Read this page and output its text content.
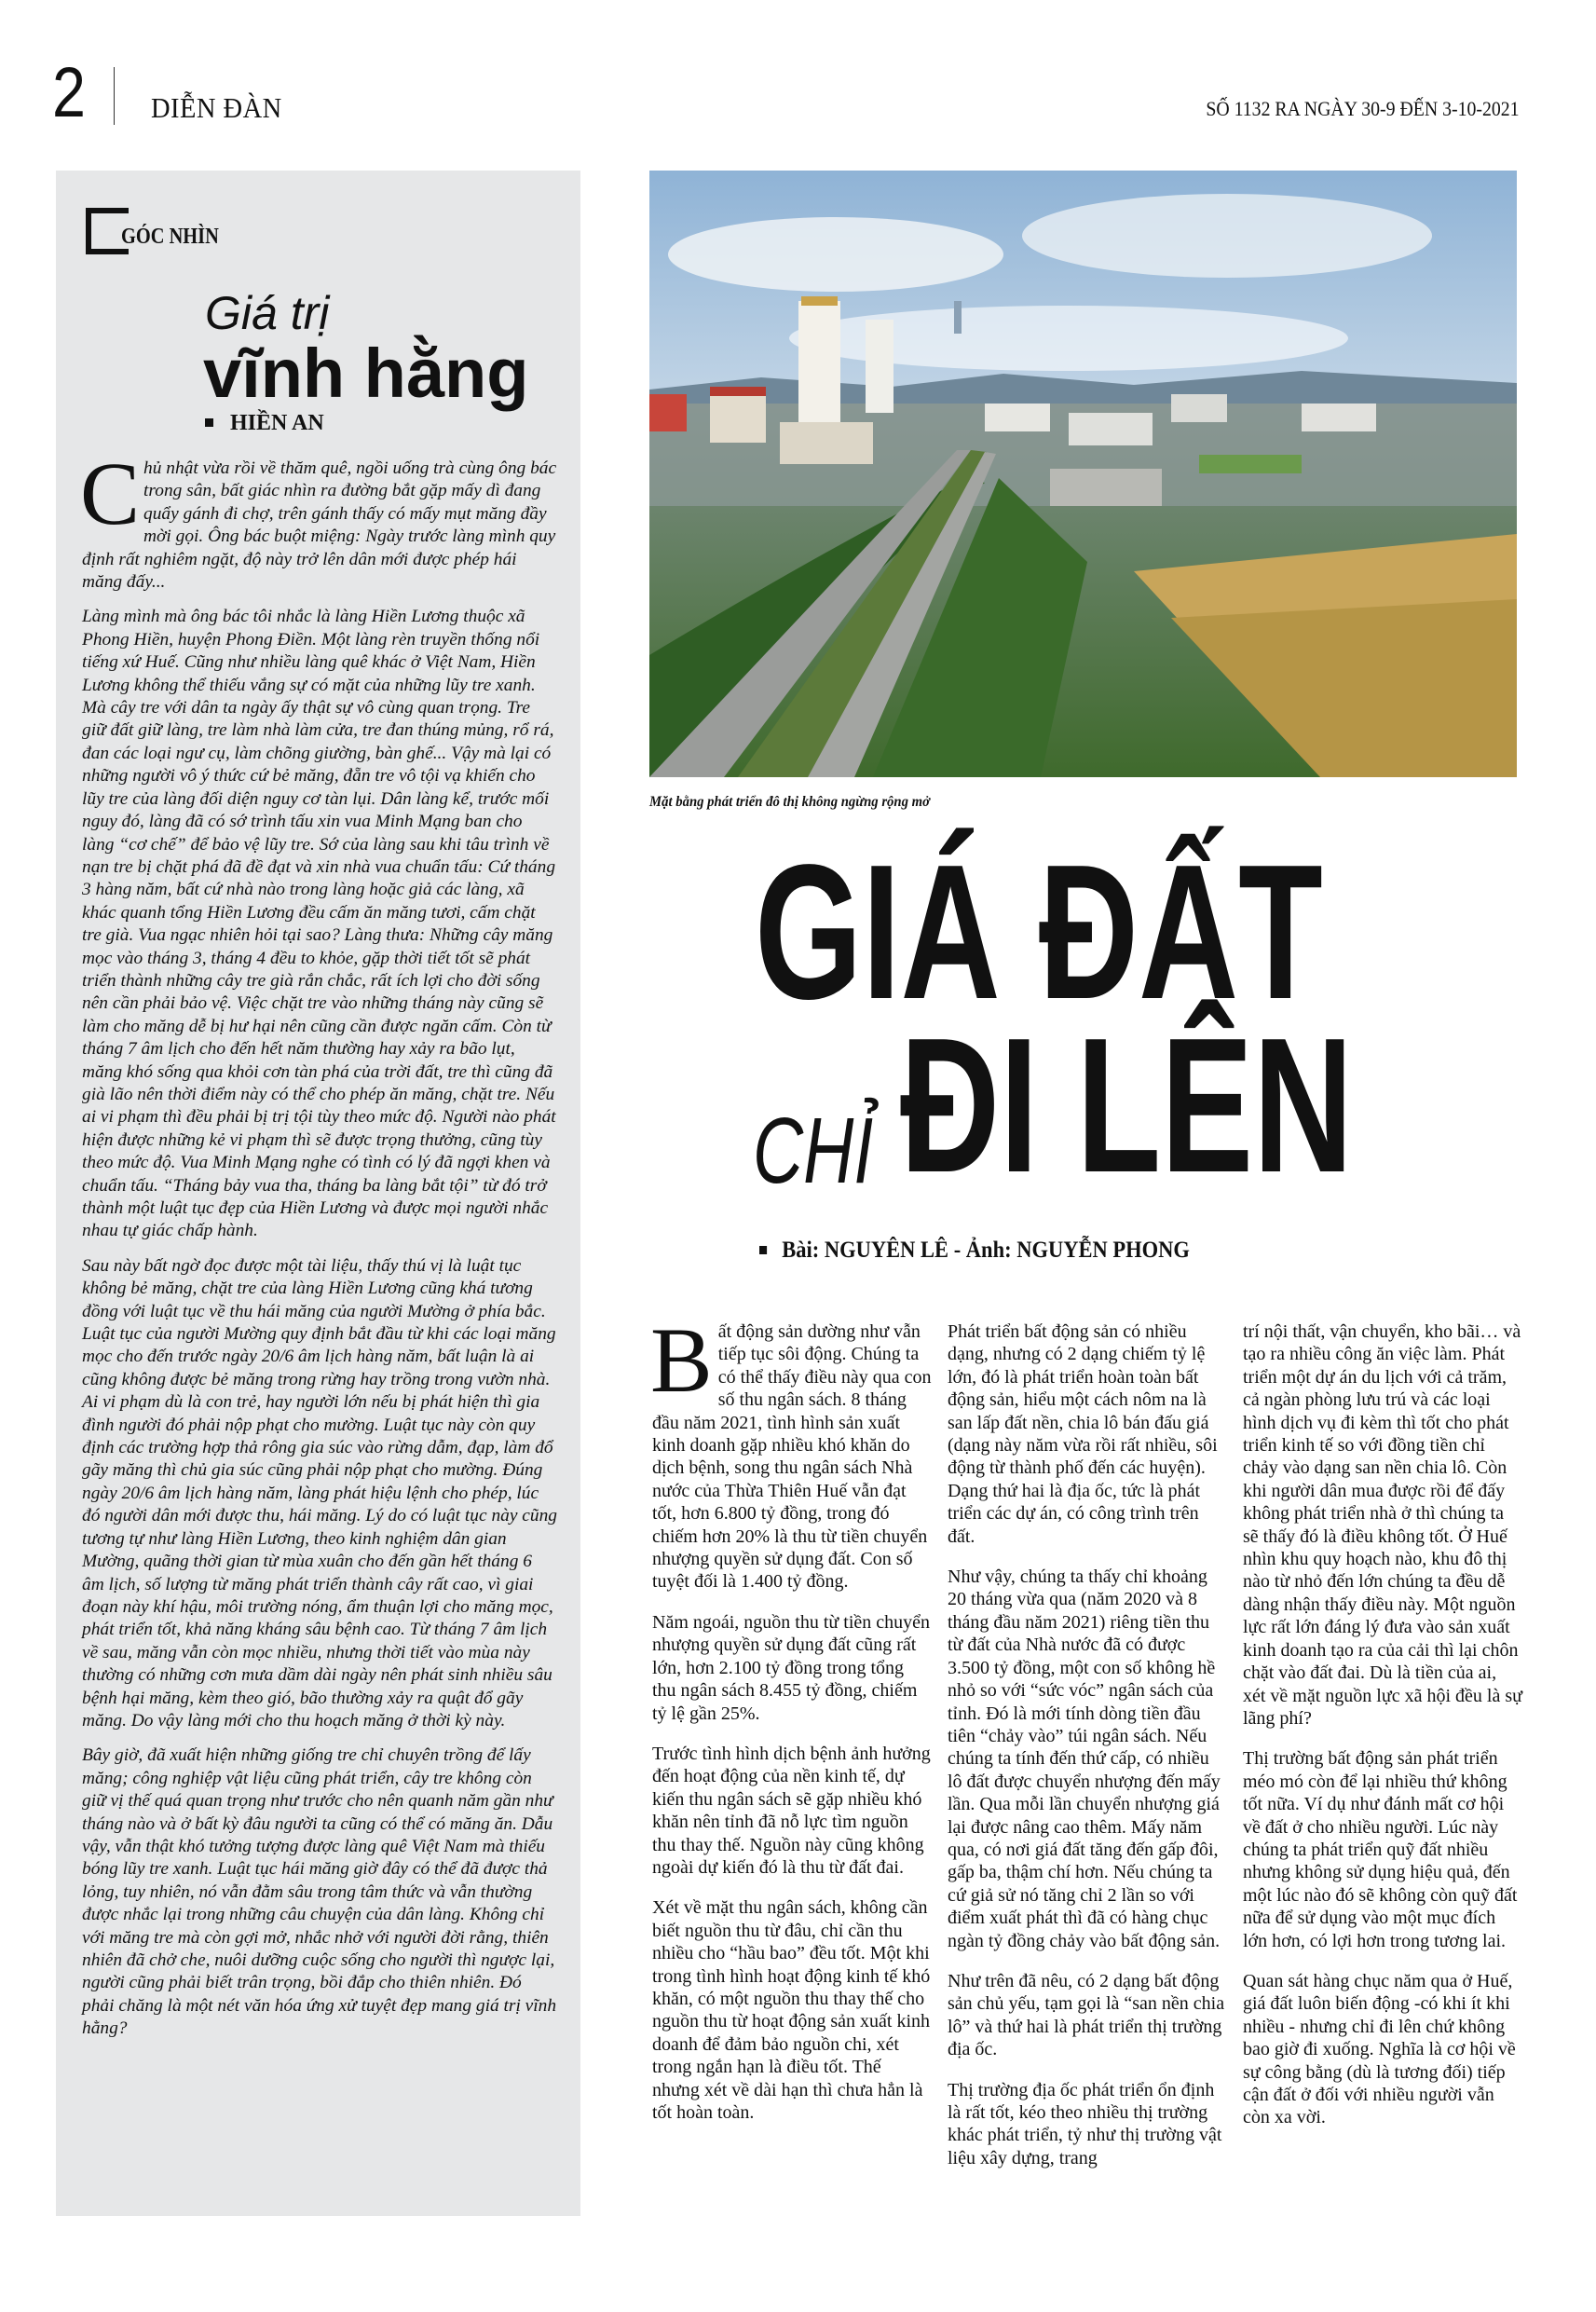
2 DIỄN ĐÀN	SỐ 1132 RA NGÀY 30-9 ĐẾN 3-10-2021
GÓC NHÌN
Giá trị
vĩnh hằng
HIỀN AN

Chủ nhật vừa rồi về thăm quê, ngồi uống trà cùng ông bác trong sân, bất giác nhìn ra đường bắt gặp mấy dì đang quẩy gánh đi chợ, trên gánh thấy có mấy mụt măng đầy mời gọi. Ông bác buột miệng: Ngày trước làng mình quy định rất nghiêm ngặt, độ này trở lên dân mới được phép hái măng đấy...

Làng mình mà ông bác tôi nhắc là làng Hiền Lương thuộc xã Phong Hiền, huyện Phong Điền. Một làng rèn truyền thống nổi tiếng xứ Huế. Cũng như nhiều làng quê khác ở Việt Nam, Hiền Lương không thể thiếu vắng sự có mặt của những lũy tre xanh. Mà cây tre với dân ta ngày ấy thật sự vô cùng quan trọng. Tre giữ đất giữ làng, tre làm nhà làm cửa, tre đan thúng mủng, rổ rá, đan các loại ngư cụ, làm chõng giường, bàn ghế... Vậy mà lại có những người vô ý thức cứ bẻ măng, đẵn tre vô tội vạ khiến cho lũy tre của làng đối diện nguy cơ tàn lụi. Dân làng kể, trước mối nguy đó, làng đã có sớ trình tấu xin vua Minh Mạng ban cho làng “cơ chế” để bảo vệ lũy tre. Sớ của làng sau khi tâu trình về nạn tre bị chặt phá đã đề đạt và xin nhà vua chuẩn tấu: Cứ tháng 3 hàng năm, bất cứ nhà nào trong làng hoặc giả các làng, xã khác quanh tổng Hiền Lương đều cấm ăn măng tươi, cấm chặt tre già. Vua ngạc nhiên hỏi tại sao? Làng thưa: Những cây măng mọc vào tháng 3, tháng 4 đều to khỏe, gặp thời tiết tốt sẽ phát triển thành những cây tre già rắn chắc, rất ích lợi cho đời sống nên cần phải bảo vệ. Việc chặt tre vào những tháng này cũng sẽ làm cho măng dễ bị hư hại nên cũng cần được ngăn cấm. Còn từ tháng 7 âm lịch cho đến hết năm thường hay xảy ra bão lụt, măng khó sống qua khỏi cơn tàn phá của trời đất, tre thì cũng đã già lão nên thời điểm này có thể cho phép ăn măng, chặt tre. Nếu ai vi phạm thì đều phải bị trị tội tùy theo mức độ. Người nào phát hiện được những kẻ vi phạm thì sẽ được trọng thưởng, cũng tùy theo mức độ. Vua Minh Mạng nghe có tình có lý đã ngợi khen và chuẩn tấu. “Tháng bảy vua tha, tháng ba làng bắt tội” từ đó trở thành một luật tục đẹp của Hiền Lương và được mọi người nhắc nhau tự giác chấp hành.

Sau này bất ngờ đọc được một tài liệu, thấy thú vị là luật tục không bẻ măng, chặt tre của làng Hiền Lương cũng khá tương đồng với luật tục về thu hái măng của người Mường ở phía bắc. Luật tục của người Mường quy định bắt đầu từ khi các loại măng mọc cho đến trước ngày 20/6 âm lịch hàng năm, bất luận là ai cũng không được bẻ măng trong rừng hay trồng trong vườn nhà. Ai vi phạm dù là con trẻ, hay người lớn nếu bị phát hiện thì gia đình người đó phải nộp phạt cho mường. Luật tục này còn quy định các trường hợp thả rông gia súc vào rừng dẫm, đạp, làm đổ gãy măng thì chủ gia súc cũng phải nộp phạt cho mường. Đúng ngày 20/6 âm lịch hàng năm, làng phát hiệu lệnh cho phép, lúc đó người dân mới được thu, hái măng. Lý do có luật tục này cũng tương tự như làng Hiền Lương, theo kinh nghiệm dân gian Mường, quãng thời gian từ mùa xuân cho đến gần hết tháng 6 âm lịch, số lượng từ măng phát triển thành cây rất cao, vì giai đoạn này khí hậu, môi trường nóng, ẩm thuận lợi cho măng mọc, phát triển tốt, khả năng kháng sâu bệnh cao. Từ tháng 7 âm lịch về sau, măng vẫn còn mọc nhiều, nhưng thời tiết vào mùa này thường có những cơn mưa dầm dài ngày nên phát sinh nhiều sâu bệnh hại măng, kèm theo gió, bão thường xảy ra quật đổ gãy măng. Do vậy làng mới cho thu hoạch măng ở thời kỳ này.

Bây giờ, đã xuất hiện những giống tre chỉ chuyên trồng để lấy măng; công nghiệp vật liệu cũng phát triển, cây tre không còn giữ vị thế quá quan trọng như trước cho nên quanh năm gần như tháng nào và ở bất kỳ đâu người ta cũng có thể có măng ăn. Dẫu vậy, vẫn thật khó tưởng tượng được làng quê Việt Nam mà thiếu bóng lũy tre xanh. Luật tục hái măng giờ đây có thể đã được thả lỏng, tuy nhiên, nó vẫn đằm sâu trong tâm thức và vẫn thường được nhắc lại trong những câu chuyện của dân làng. Không chỉ với măng tre mà còn gợi mở, nhắc nhở với người đời rằng, thiên nhiên đã chở che, nuôi dưỡng cuộc sống cho người thì ngược lại, người cũng phải biết trân trọng, bồi đắp cho thiên nhiên. Đó phải chăng là một nét văn hóa ứng xử tuyệt đẹp mang giá trị vĩnh hằng?

Mặt bằng phát triển đô thị không ngừng rộng mở
GIÁ ĐẤT
CHỈ ĐI LÊN
Bài: NGUYÊN LÊ - Ảnh: NGUYỄN PHONG

Bất động sản dường như vẫn tiếp tục sôi động. Chúng ta có thể thấy điều này qua con số thu ngân sách. 8 tháng đầu năm 2021, tình hình sản xuất kinh doanh gặp nhiều khó khăn do dịch bệnh, song thu ngân sách Nhà nước của Thừa Thiên Huế vẫn đạt tốt, hơn 6.800 tỷ đồng, trong đó chiếm hơn 20% là thu từ tiền chuyển nhượng quyền sử dụng đất. Con số tuyệt đối là 1.400 tỷ đồng.

Năm ngoái, nguồn thu từ tiền chuyển nhượng quyền sử dụng đất cũng rất lớn, hơn 2.100 tỷ đồng trong tổng thu ngân sách 8.455 tỷ đồng, chiếm tỷ lệ gần 25%.

Trước tình hình dịch bệnh ảnh hưởng đến hoạt động của nền kinh tế, dự kiến thu ngân sách sẽ gặp nhiều khó khăn nên tỉnh đã nỗ lực tìm nguồn thu thay thế. Nguồn này cũng không ngoài dự kiến đó là thu từ đất đai.

Xét về mặt thu ngân sách, không cần biết nguồn thu từ đâu, chỉ cần thu nhiều cho “hầu bao” đều tốt. Một khi trong tình hình hoạt động kinh tế khó khăn, có một nguồn thu thay thế cho nguồn thu từ hoạt động sản xuất kinh doanh để đảm bảo nguồn chi, xét trong ngắn hạn là điều tốt. Thế nhưng xét về dài hạn thì chưa hẳn là tốt hoàn toàn.

Phát triển bất động sản có nhiều dạng, nhưng có 2 dạng chiếm tỷ lệ lớn, đó là phát triển hoàn toàn bất động sản, hiểu một cách nôm na là san lấp đất nền, chia lô bán đấu giá (dạng này năm vừa rồi rất nhiều, sôi động từ thành phố đến các huyện). Dạng thứ hai là địa ốc, tức là phát triển các dự án, có công trình trên đất.

Như vậy, chúng ta thấy chỉ khoảng 20 tháng vừa qua (năm 2020 và 8 tháng đầu năm 2021) riêng tiền thu từ đất của Nhà nước đã có được 3.500 tỷ đồng, một con số không hề nhỏ so với “sức vóc” ngân sách của tỉnh. Đó là mới tính dòng tiền đầu tiên “chảy vào” túi ngân sách. Nếu chúng ta tính đến thứ cấp, có nhiều lô đất được chuyển nhượng đến mấy lần. Qua mỗi lần chuyển nhượng giá lại được nâng cao thêm. Mấy năm qua, có nơi giá đất tăng đến gấp đôi, gấp ba, thậm chí hơn. Nếu chúng ta cứ giả sử nó tăng chỉ 2 lần so với điểm xuất phát thì đã có hàng chục ngàn tỷ đồng chảy vào bất động sản.

Như trên đã nêu, có 2 dạng bất động sản chủ yếu, tạm gọi là “san nền chia lô” và thứ hai là phát triển thị trường địa ốc.

Thị trường địa ốc phát triển ổn định là rất tốt, kéo theo nhiều thị trường khác phát triển, tỷ như thị trường vật liệu xây dựng, trang

trí nội thất, vận chuyển, kho bãi… và tạo ra nhiều công ăn việc làm. Phát triển một dự án du lịch với cả trăm, cả ngàn phòng lưu trú và các loại hình dịch vụ đi kèm thì tốt cho phát triển kinh tế so với đồng tiền chỉ chảy vào dạng san nền chia lô. Còn khi người dân mua được rồi để đấy không phát triển nhà ở thì chúng ta sẽ thấy đó là điều không tốt. Ở Huế nhìn khu quy hoạch nào, khu đô thị nào từ nhỏ đến lớn chúng ta đều dễ dàng nhận thấy điều này. Một nguồn lực rất lớn đáng lý đưa vào sản xuất kinh doanh tạo ra của cải thì lại chôn chặt vào đất đai. Dù là tiền của ai, xét về mặt nguồn lực xã hội đều là sự lãng phí?

Thị trường bất động sản phát triển méo mó còn để lại nhiều thứ không tốt nữa. Ví dụ như đánh mất cơ hội về đất ở cho nhiều người. Lúc này chúng ta phát triển quỹ đất nhiều nhưng không sử dụng hiệu quả, đến một lúc nào đó sẽ không còn quỹ đất nữa để sử dụng vào một mục đích lớn hơn, có lợi hơn trong tương lai.

Quan sát hàng chục năm qua ở Huế, giá đất luôn biến động -có khi ít khi nhiều - nhưng chỉ đi lên chứ không bao giờ đi xuống. Nghĩa là cơ hội về sự công bằng (dù là tương đối) tiếp cận đất ở đối với nhiều người vẫn còn xa vời.
